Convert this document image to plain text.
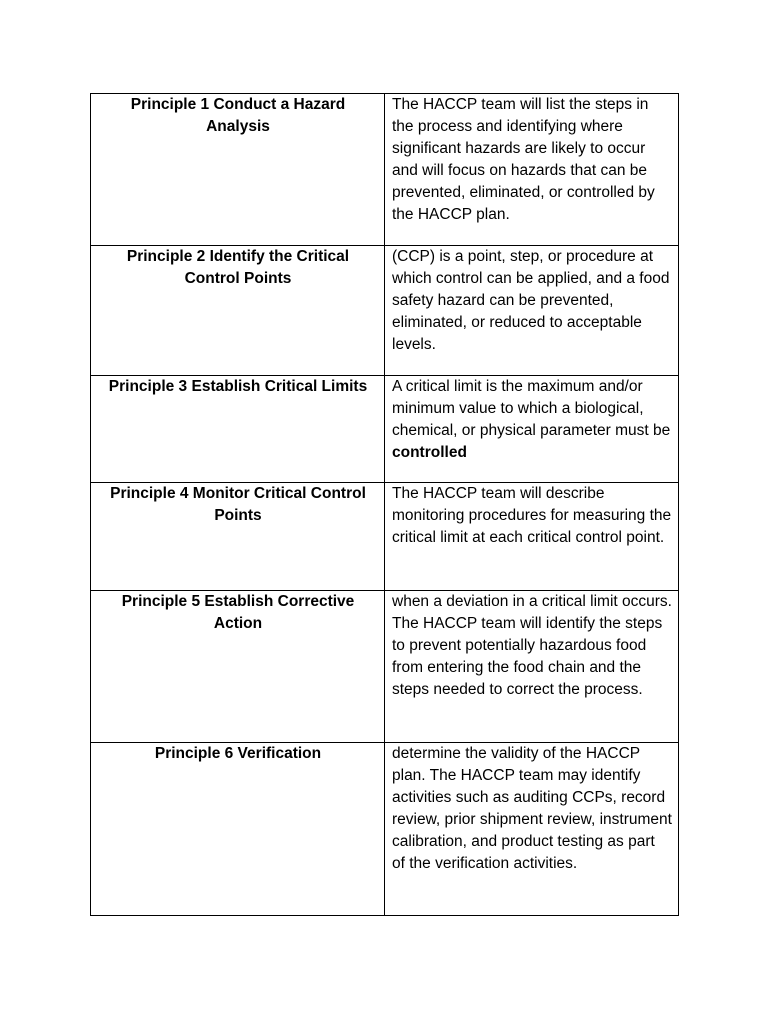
Principle 1 Conduct a Hazard Analysis	The HACCP team will list the steps in the process and identifying where significant hazards are likely to occur and will focus on hazards that can be prevented, eliminated, or controlled by the HACCP plan.
Principle 2 Identify the Critical Control Points	(CCP) is a point, step, or procedure at which control can be applied, and a food safety hazard can be prevented, eliminated, or reduced to acceptable levels.
Principle 3 Establish Critical Limits	A critical limit is the maximum and/or minimum value to which a biological, chemical, or physical parameter must be controlled
Principle 4 Monitor Critical Control Points	The HACCP team will describe monitoring procedures for measuring the critical limit at each critical control point.
Principle 5 Establish Corrective Action	when a deviation in a critical limit occurs. The HACCP team will identify the steps to prevent potentially hazardous food from entering the food chain and the steps needed to correct the process.
Principle 6 Verification	determine the validity of the HACCP plan. The HACCP team may identify activities such as auditing CCPs, record review, prior shipment review, instrument calibration, and product testing as part of the verification activities.
